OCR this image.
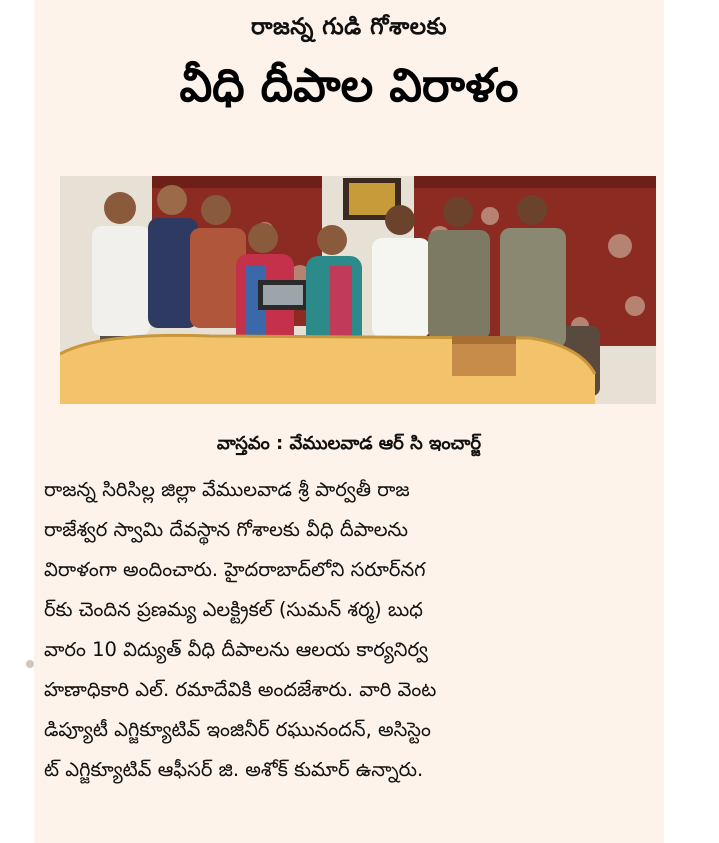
రాజన్న గుడి గోశాలకు
వీధి దీపాల విరాళం
వాస్తవం : వేములవాడ ఆర్ సి ఇంచార్జ్
రాజన్న సిరిసిల్ల జిల్లా వేములవాడ శ్రీ పార్వతీ రాజ
రాజేశ్వర స్వామి దేవస్థాన గోశాలకు వీధి దీపాలను
విరాళంగా అందించారు. హైదరాబాద్‌లోని సరూర్‌నగ
ర్‌కు చెందిన ప్రణమ్య ఎలక్ట్రికల్ (సుమన్ శర్మ) బుధ
వారం 10 విద్యుత్ వీధి దీపాలను ఆలయ కార్యనిర్వ
హణాధికారి ఎల్. రమాదేవికి అందజేశారు. వారి వెంట
డిప్యూటీ ఎగ్జిక్యూటివ్ ఇంజినీర్ రఘునందన్, అసిస్టెం
ట్ ఎగ్జిక్యూటివ్ ఆఫీసర్ జి. అశోక్ కుమార్ ఉన్నారు.
